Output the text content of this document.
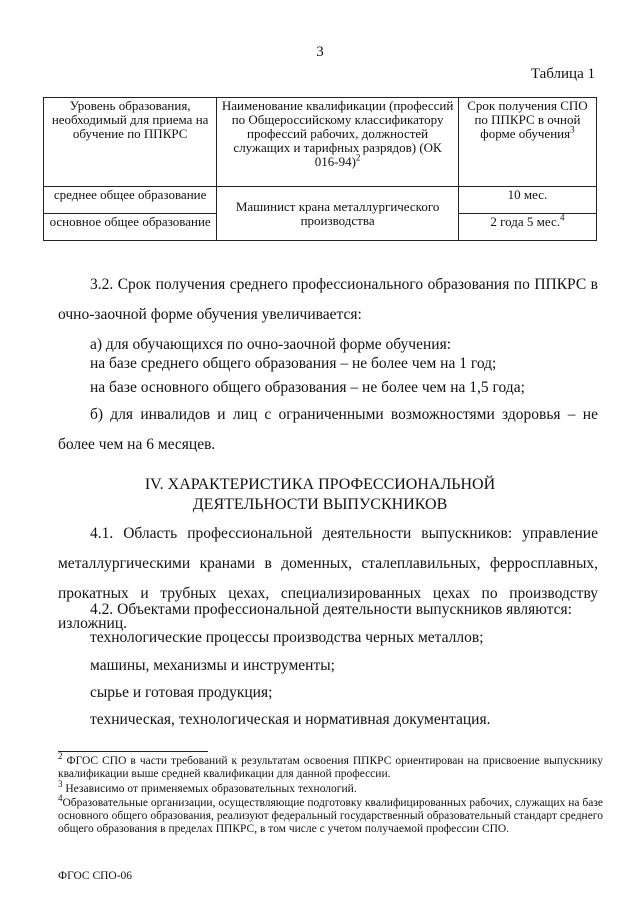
3
Таблица 1
Уровень образования, необходимый для приема на обучение по ППКРС	Наименование квалификации (профессий по Общероссийскому классификатору профессий рабочих, должностей служащих и тарифных разрядов) (ОК 016-94)$^2$	Срок получения СПО по ППКРС в очной форме обучения$^3$
среднее общее образование	Машинист крана металлургического производства	10 мес.
основное общее образование		2 года 5 мес.$^4$
3.2. Срок получения среднего профессионального образования по ППКРС в очно-заочной форме обучения увеличивается:
а) для обучающихся по очно-заочной форме обучения:
на базе среднего общего образования – не более чем на 1 год;
на базе основного общего образования – не более чем на 1,5 года;
б) для инвалидов и лиц с ограниченными возможностями здоровья – не более чем на 6 месяцев.
IV. ХАРАКТЕРИСТИКА ПРОФЕССИОНАЛЬНОЙ
ДЕЯТЕЛЬНОСТИ ВЫПУСКНИКОВ
4.1. Область профессиональной деятельности выпускников: управление металлургическими кранами в доменных, сталеплавильных, ферросплавных, прокатных и трубных цехах, специализированных цехах по производству изложниц.
4.2. Объектами профессиональной деятельности выпускников являются:
технологические процессы производства черных металлов;
машины, механизмы и инструменты;
сырье и готовая продукция;
техническая, технологическая и нормативная документация.
$^2$ ФГОС СПО в части требований к результатам освоения ППКРС ориентирован на присвоение выпускнику квалификации выше средней квалификации для данной профессии.
$^3$ Независимо от применяемых образовательных технологий.
$^4$Образовательные организации, осуществляющие подготовку квалифицированных рабочих, служащих на базе основного общего образования, реализуют федеральный государственный образовательный стандарт среднего общего образования в пределах ППКРС, в том числе с учетом получаемой профессии СПО.
ФГОС СПО-06
